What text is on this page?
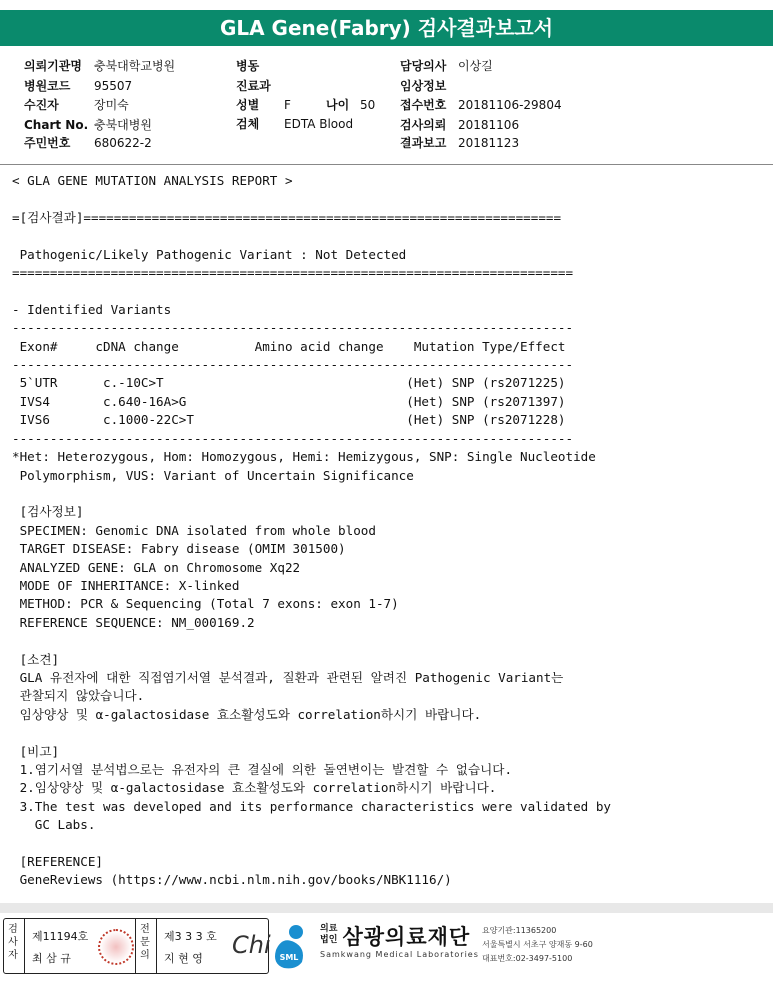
GLA Gene(Fabry) 검사결과보고서
의뢰기관명 충북대학교병원
병원코드 95507
수진자	장미숙
Chart No. 충북대병원
주민번호 680622-2
병동
진료과
성별 F	나이 50
검체 EDTA Blood
담당의사 이상길
임상정보
접수번호 20181106-29804
검사의뢰 20181106
결과보고 20181123
< GLA GENE MUTATION ANALYSIS REPORT >

=[검사결과]===============================================================

Pathogenic/Likely Pathogenic Variant : Not Detected
==========================================================================

- Identified Variants
--------------------------------------------------------------------------
Exon#     cDNA change          Amino acid change    Mutation Type/Effect
--------------------------------------------------------------------------
5`UTR      c.-10C>T                                (Het) SNP (rs2071225)
IVS4       c.640-16A>G                             (Het) SNP (rs2071397)
IVS6       c.1000-22C>T                            (Het) SNP (rs2071228)
--------------------------------------------------------------------------
*Het: Heterozygous, Hom: Homozygous, Hemi: Hemizygous, SNP: Single Nucleotide
Polymorphism, VUS: Variant of Uncertain Significance

[검사정보]
SPECIMEN: Genomic DNA isolated from whole blood
TARGET DISEASE: Fabry disease (OMIM 301500)
ANALYZED GENE: GLA on Chromosome Xq22
MODE OF INHERITANCE: X-linked
METHOD: PCR & Sequencing (Total 7 exons: exon 1-7)
REFERENCE SEQUENCE: NM_000169.2

[소견]
GLA 유전자에 대한 직접염기서열 분석결과, 질환과 관련된 알려진 Pathogenic Variant는
관찰되지 않았습니다.
임상양상 및 α-galactosidase 효소활성도와 correlation하시기 바랍니다.

[비고]
1.염기서열 분석법으로는 유전자의 큰 결실에 의한 돌연변이는 발견할 수 없습니다.
2.임상양상 및 α-galactosidase 효소활성도와 correlation하시기 바랍니다.
3.The test was developed and its performance characteristics were validated by
GC Labs.

[REFERENCE]
GeneReviews (https://www.ncbi.nlm.nih.gov/books/NBK1116/)
검
사
자
제11194호
최 삼 규
전
문
의
제3 3 3 호
지 현 영 Chi SML
의료
법인 삼광의료재단
Samkwang Medical Laboratories
요양기관:11365200
서울특별시 서초구 양재동 9-60
대표번호:02-3497-5100
